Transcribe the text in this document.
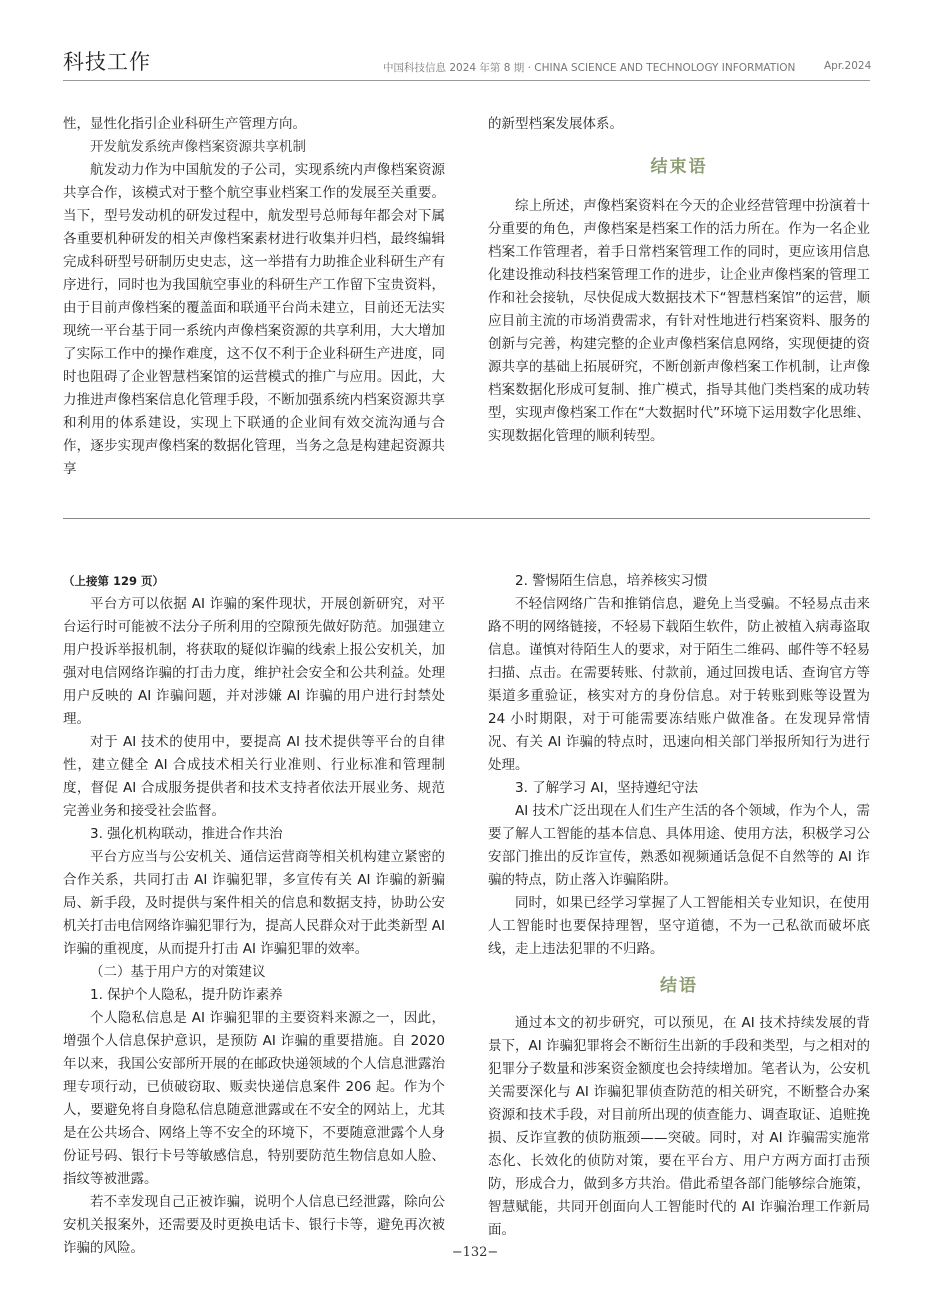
科技工作	中国科技信息 2024 年第 8 期 · CHINA SCIENCE AND TECHNOLOGY INFORMATION	Apr.2024

性，显性化指引企业科研生产管理方向。

开发航发系统声像档案资源共享机制

航发动力作为中国航发的子公司，实现系统内声像档案资源共享合作，该模式对于整个航空事业档案工作的发展至关重要。当下，型号发动机的研发过程中，航发型号总师每年都会对下属各重要机种研发的相关声像档案素材进行收集并归档，最终编辑完成科研型号研制历史史志，这一举措有力助推企业科研生产有序进行，同时也为我国航空事业的科研生产工作留下宝贵资料，由于目前声像档案的覆盖面和联通平台尚未建立，目前还无法实现统一平台基于同一系统内声像档案资源的共享利用，大大增加了实际工作中的操作难度，这不仅不利于企业科研生产进度，同时也阻碍了企业智慧档案馆的运营模式的推广与应用。因此，大力推进声像档案信息化管理手段，不断加强系统内档案资源共享和利用的体系建设，实现上下联通的企业间有效交流沟通与合作，逐步实现声像档案的数据化管理，当务之急是构建起资源共享

的新型档案发展体系。

结束语

综上所述，声像档案资料在今天的企业经营管理中扮演着十分重要的角色，声像档案是档案工作的活力所在。作为一名企业档案工作管理者，着手日常档案管理工作的同时，更应该用信息化建设推动科技档案管理工作的进步，让企业声像档案的管理工作和社会接轨，尽快促成大数据技术下“智慧档案馆”的运营，顺应目前主流的市场消费需求，有针对性地进行档案资料、服务的创新与完善，构建完整的企业声像档案信息网络，实现便捷的资源共享的基础上拓展研究，不断创新声像档案工作机制，让声像档案数据化形成可复制、推广模式，指导其他门类档案的成功转型，实现声像档案工作在“大数据时代”环境下运用数字化思维、实现数据化管理的顺利转型。

（上接第 129 页）

平台方可以依据 AI 诈骗的案件现状，开展创新研究，对平台运行时可能被不法分子所利用的空隙预先做好防范。加强建立用户投诉举报机制，将获取的疑似诈骗的线索上报公安机关，加强对电信网络诈骗的打击力度，维护社会安全和公共利益。处理用户反映的 AI 诈骗问题，并对涉嫌 AI 诈骗的用户进行封禁处理。

对于 AI 技术的使用中，要提高 AI 技术提供等平台的自律性，建立健全 AI 合成技术相关行业准则、行业标准和管理制度，督促 AI 合成服务提供者和技术支持者依法开展业务、规范完善业务和接受社会监督。

3. 强化机构联动，推进合作共治

平台方应当与公安机关、通信运营商等相关机构建立紧密的合作关系，共同打击 AI 诈骗犯罪，多宣传有关 AI 诈骗的新骗局、新手段，及时提供与案件相关的信息和数据支持，协助公安机关打击电信网络诈骗犯罪行为，提高人民群众对于此类新型 AI 诈骗的重视度，从而提升打击 AI 诈骗犯罪的效率。

（二）基于用户方的对策建议

1. 保护个人隐私，提升防诈素养

个人隐私信息是 AI 诈骗犯罪的主要资料来源之一，因此，增强个人信息保护意识，是预防 AI 诈骗的重要措施。自 2020 年以来，我国公安部所开展的在邮政快递领域的个人信息泄露治理专项行动，已侦破窃取、贩卖快递信息案件 206 起。作为个人，要避免将自身隐私信息随意泄露或在不安全的网站上，尤其是在公共场合、网络上等不安全的环境下，不要随意泄露个人身份证号码、银行卡号等敏感信息，特别要防范生物信息如人脸、指纹等被泄露。

若不幸发现自己正被诈骗，说明个人信息已经泄露，除向公安机关报案外，还需要及时更换电话卡、银行卡等，避免再次被诈骗的风险。

2. 警惕陌生信息，培养核实习惯

不轻信网络广告和推销信息，避免上当受骗。不轻易点击来路不明的网络链接，不轻易下载陌生软件，防止被植入病毒盗取信息。谨慎对待陌生人的要求，对于陌生二维码、邮件等不轻易扫描、点击。在需要转账、付款前，通过回拨电话、查询官方等渠道多重验证，核实对方的身份信息。对于转账到账等设置为 24 小时期限，对于可能需要冻结账户做准备。在发现异常情况、有关 AI 诈骗的特点时，迅速向相关部门举报所知行为进行处理。

3. 了解学习 AI，坚持遵纪守法

AI 技术广泛出现在人们生产生活的各个领域，作为个人，需要了解人工智能的基本信息、具体用途、使用方法，积极学习公安部门推出的反诈宣传，熟悉如视频通话急促不自然等的 AI 诈骗的特点，防止落入诈骗陷阱。

同时，如果已经学习掌握了人工智能相关专业知识，在使用人工智能时也要保持理智，坚守道德，不为一己私欲而破坏底线，走上违法犯罪的不归路。

结语

通过本文的初步研究，可以预见，在 AI 技术持续发展的背景下，AI 诈骗犯罪将会不断衍生出新的手段和类型，与之相对的犯罪分子数量和涉案资金额度也会持续增加。笔者认为，公安机关需要深化与 AI 诈骗犯罪侦查防范的相关研究，不断整合办案资源和技术手段，对目前所出现的侦查能力、调查取证、追赃挽损、反诈宣教的侦防瓶颈——突破。同时，对 AI 诈骗需实施常态化、长效化的侦防对策，要在平台方、用户方两方面打击预防，形成合力，做到多方共治。借此希望各部门能够综合施策，智慧赋能，共同开创面向人工智能时代的 AI 诈骗治理工作新局面。

−132−
